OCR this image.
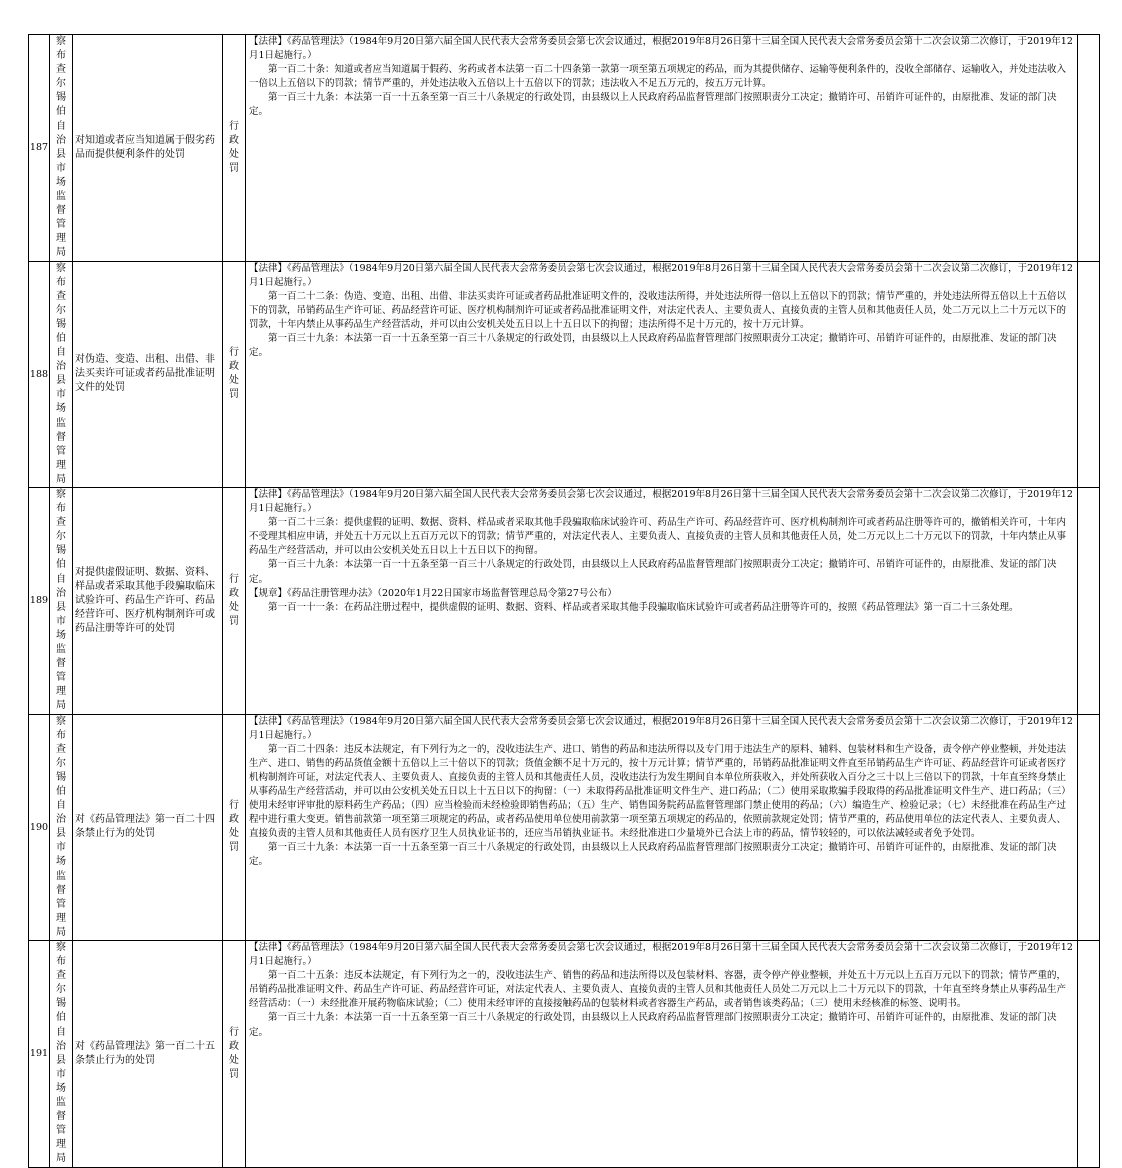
187	察布查尔锡伯自治县市场监督管理局	对知道或者应当知道属于假劣药品而提供便利条件的处罚	行政处罚	【法律】《药品管理法》（1984年9月20日第六届全国人民代表大会常务委员会第七次会议通过，根据2019年8月26日第十三届全国人民代表大会常务委员会第十二次会议第二次修订，于2019年12月1日起施行。）

第一百二十条：知道或者应当知道属于假药、劣药或者本法第一百二十四条第一款第一项至第五项规定的药品，而为其提供储存、运输等便利条件的，没收全部储存、运输收入，并处违法收入一倍以上五倍以下的罚款；情节严重的，并处违法收入五倍以上十五倍以下的罚款；违法收入不足五万元的，按五万元计算。

第一百三十九条：本法第一百一十五条至第一百三十八条规定的行政处罚，由县级以上人民政府药品监督管理部门按照职责分工决定；撤销许可、吊销许可证件的，由原批准、发证的部门决定。	

188	察布查尔锡伯自治县市场监督管理局	对伪造、变造、出租、出借、非法买卖许可证或者药品批准证明文件的处罚	行政处罚	【法律】《药品管理法》（1984年9月20日第六届全国人民代表大会常务委员会第七次会议通过，根据2019年8月26日第十三届全国人民代表大会常务委员会第十二次会议第二次修订，于2019年12月1日起施行。）

第一百二十二条：伪造、变造、出租、出借、非法买卖许可证或者药品批准证明文件的，没收违法所得，并处违法所得一倍以上五倍以下的罚款；情节严重的，并处违法所得五倍以上十五倍以下的罚款，吊销药品生产许可证、药品经营许可证、医疗机构制剂许可证或者药品批准证明文件，对法定代表人、主要负责人、直接负责的主管人员和其他责任人员，处二万元以上二十万元以下的罚款，十年内禁止从事药品生产经营活动，并可以由公安机关处五日以上十五日以下的拘留；违法所得不足十万元的，按十万元计算。

第一百三十九条：本法第一百一十五条至第一百三十八条规定的行政处罚，由县级以上人民政府药品监督管理部门按照职责分工决定；撤销许可、吊销许可证件的，由原批准、发证的部门决定。	

189	察布查尔锡伯自治县市场监督管理局	对提供虚假证明、数据、资料、样品或者采取其他手段骗取临床试验许可、药品生产许可、药品经营许可、医疗机构制剂许可或药品注册等许可的处罚	行政处罚	【法律】《药品管理法》（1984年9月20日第六届全国人民代表大会常务委员会第七次会议通过，根据2019年8月26日第十三届全国人民代表大会常务委员会第十二次会议第二次修订，于2019年12月1日起施行。）

第一百二十三条：提供虚假的证明、数据、资料、样品或者采取其他手段骗取临床试验许可、药品生产许可、药品经营许可、医疗机构制剂许可或者药品注册等许可的，撤销相关许可，十年内不受理其相应申请，并处五十万元以上五百万元以下的罚款；情节严重的，对法定代表人、主要负责人、直接负责的主管人员和其他责任人员，处二万元以上二十万元以下的罚款，十年内禁止从事药品生产经营活动，并可以由公安机关处五日以上十五日以下的拘留。

第一百三十九条：本法第一百一十五条至第一百三十八条规定的行政处罚，由县级以上人民政府药品监督管理部门按照职责分工决定；撤销许可、吊销许可证件的，由原批准、发证的部门决定。

【规章】《药品注册管理办法》（2020年1月22日国家市场监督管理总局令第27号公布）

第一百一十一条：在药品注册过程中，提供虚假的证明、数据、资料、样品或者采取其他手段骗取临床试验许可或者药品注册等许可的，按照《药品管理法》第一百二十三条处理。	

190	察布查尔锡伯自治县市场监督管理局	对《药品管理法》第一百二十四条禁止行为的处罚	行政处罚	【法律】《药品管理法》（1984年9月20日第六届全国人民代表大会常务委员会第七次会议通过，根据2019年8月26日第十三届全国人民代表大会常务委员会第十二次会议第二次修订，于2019年12月1日起施行。）

第一百二十四条：违反本法规定，有下列行为之一的，没收违法生产、进口、销售的药品和违法所得以及专门用于违法生产的原料、辅料、包装材料和生产设备，责令停产停业整顿，并处违法生产、进口、销售的药品货值金额十五倍以上三十倍以下的罚款；货值金额不足十万元的，按十万元计算；情节严重的，吊销药品批准证明文件直至吊销药品生产许可证、药品经营许可证或者医疗机构制剂许可证，对法定代表人、主要负责人、直接负责的主管人员和其他责任人员，没收违法行为发生期间自本单位所获收入，并处所获收入百分之三十以上三倍以下的罚款，十年直至终身禁止从事药品生产经营活动，并可以由公安机关处五日以上十五日以下的拘留：（一）未取得药品批准证明文件生产、进口药品；（二）使用采取欺骗手段取得的药品批准证明文件生产、进口药品；（三）使用未经审评审批的原料药生产药品；（四）应当检验而未经检验即销售药品；（五）生产、销售国务院药品监督管理部门禁止使用的药品；（六）编造生产、检验记录；（七）未经批准在药品生产过程中进行重大变更。销售前款第一项至第三项规定的药品，或者药品使用单位使用前款第一项至第五项规定的药品的，依照前款规定处罚；情节严重的，药品使用单位的法定代表人、主要负责人、直接负责的主管人员和其他责任人员有医疗卫生人员执业证书的，还应当吊销执业证书。未经批准进口少量境外已合法上市的药品，情节较轻的，可以依法减轻或者免予处罚。

第一百三十九条：本法第一百一十五条至第一百三十八条规定的行政处罚，由县级以上人民政府药品监督管理部门按照职责分工决定；撤销许可、吊销许可证件的，由原批准、发证的部门决定。	

191	察布查尔锡伯自治县市场监督管理局	对《药品管理法》第一百二十五条禁止行为的处罚	行政处罚	【法律】《药品管理法》（1984年9月20日第六届全国人民代表大会常务委员会第七次会议通过，根据2019年8月26日第十三届全国人民代表大会常务委员会第十二次会议第二次修订，于2019年12月1日起施行。）

第一百二十五条：违反本法规定，有下列行为之一的，没收违法生产、销售的药品和违法所得以及包装材料、容器，责令停产停业整顿，并处五十万元以上五百万元以下的罚款；情节严重的，吊销药品批准证明文件、药品生产许可证、药品经营许可证，对法定代表人、主要负责人、直接负责的主管人员和其他责任人员处二万元以上二十万元以下的罚款，十年直至终身禁止从事药品生产经营活动：（一）未经批准开展药物临床试验；（二）使用未经审评的直接接触药品的包装材料或者容器生产药品，或者销售该类药品；（三）使用未经核准的标签、说明书。

第一百三十九条：本法第一百一十五条至第一百三十八条规定的行政处罚，由县级以上人民政府药品监督管理部门按照职责分工决定；撤销许可、吊销许可证件的，由原批准、发证的部门决定。	
